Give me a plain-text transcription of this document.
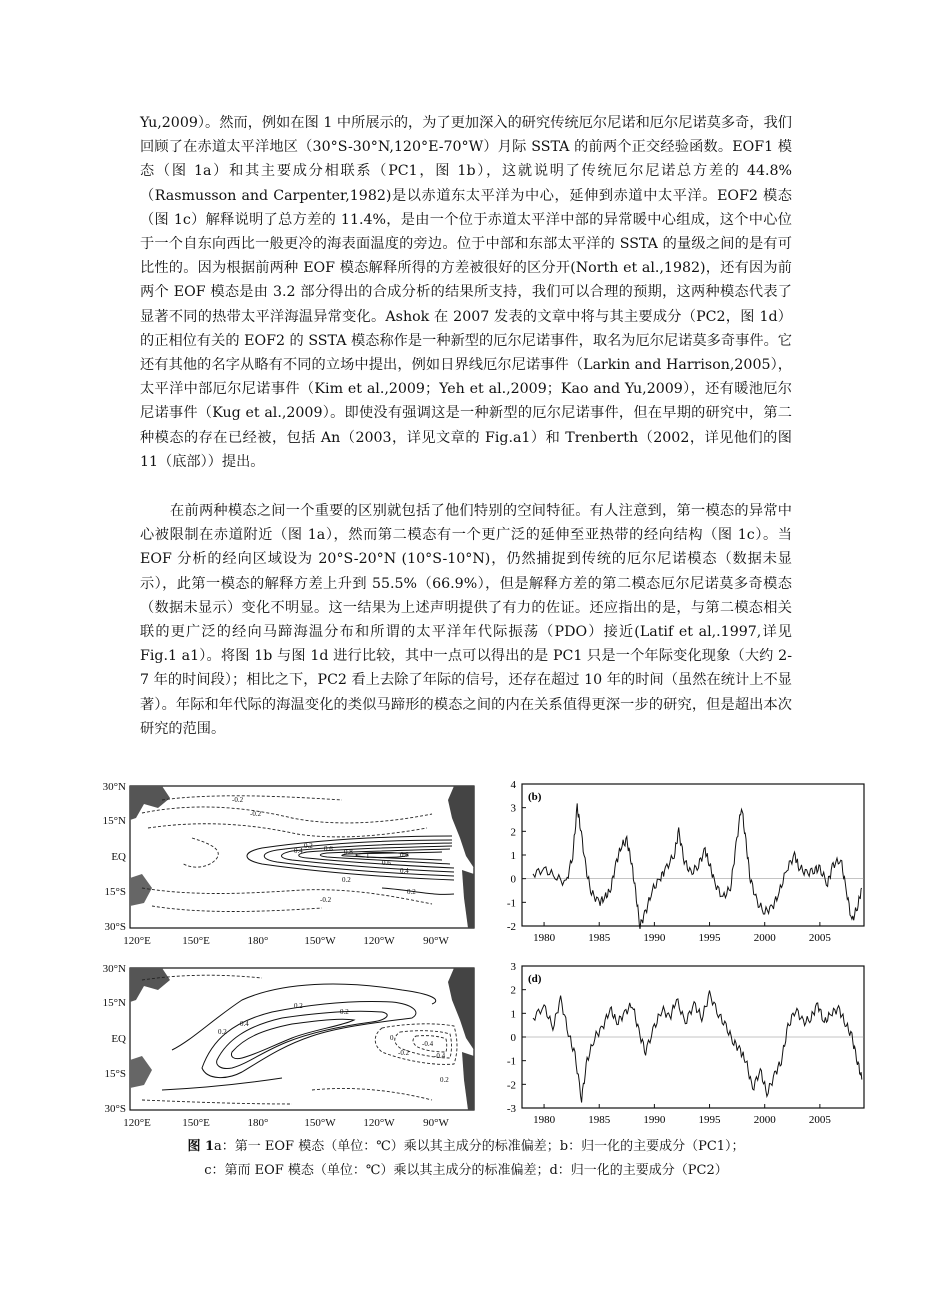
Yu,2009）。然而，例如在图 1 中所展示的，为了更加深入的研究传统厄尔尼诺和厄尔尼诺莫多奇，我们回顾了在赤道太平洋地区（30°S-30°N,120°E-70°W）月际 SSTA 的前两个正交经验函数。EOF1 模态（图 1a）和其主要成分相联系（PC1，图 1b），这就说明了传统厄尔尼诺总方差的 44.8%（Rasmusson and Carpenter,1982)是以赤道东太平洋为中心，延伸到赤道中太平洋。EOF2 模态（图 1c）解释说明了总方差的 11.4%，是由一个位于赤道太平洋中部的异常暖中心组成，这个中心位于一个自东向西比一般更冷的海表面温度的旁边。位于中部和东部太平洋的 SSTA 的量级之间的是有可比性的。因为根据前两种 EOF 模态解释所得的方差被很好的区分开(North et al.,1982)，还有因为前两个 EOF 模态是由 3.2 部分得出的合成分析的结果所支持，我们可以合理的预期，这两种模态代表了显著不同的热带太平洋海温异常变化。Ashok 在 2007 发表的文章中将与其主要成分（PC2，图 1d）的正相位有关的 EOF2 的 SSTA 模态称作是一种新型的厄尔尼诺事件，取名为厄尔尼诺莫多奇事件。它还有其他的名字从略有不同的立场中提出，例如日界线厄尔尼诺事件（Larkin and Harrison,2005），太平洋中部厄尔尼诺事件（Kim et al.,2009；Yeh et al.,2009；Kao and Yu,2009），还有暖池厄尔尼诺事件（Kug et al.,2009）。即使没有强调这是一种新型的厄尔尼诺事件，但在早期的研究中，第二种模态的存在已经被，包括 An（2003，详见文章的 Fig.a1）和 Trenberth（2002，详见他们的图 11（底部））提出。

在前两种模态之间一个重要的区别就包括了他们特别的空间特征。有人注意到，第一模态的异常中心被限制在赤道附近（图 1a），然而第二模态有一个更广泛的延伸至亚热带的经向结构（图 1c）。当 EOF 分析的经向区域设为 20°S-20°N (10°S-10°N)，仍然捕捉到传统的厄尔尼诺模态（数据未显示），此第一模态的解释方差上升到 55.5%（66.9%），但是解释方差的第二模态厄尔尼诺莫多奇模态（数据未显示）变化不明显。这一结果为上述声明提供了有力的佐证。还应指出的是，与第二模态相关联的更广泛的经向马蹄海温分布和所谓的太平洋年代际振荡（PDO）接近(Latif et al,.1997,详见 Fig.1 a1）。将图 1b 与图 1d 进行比较，其中一点可以得出的是 PC1 只是一个年际变化现象（大约 2-7 年的时间段）；相比之下，PC2 看上去除了年际的信号，还存在超过 10 年的时间（虽然在统计上不显著）。年际和年代际的海温变化的类似马蹄形的模态之间的内在关系值得更深一步的研究，但是超出本次研究的范围。

-0.2
-0.2
0.2
0.4	0.6 0.8 1	0.8
0.6
0.4
0.2
0.2
-0.2
30°N
15°N
EQ
15°S
30°S
120°E	150°E	180°	150°W	120°W	90°W
0.2
0.4
0.2
0.2
0
-0.2
-0.4
-0.4
0.2
30°N
15°N
EQ
15°S
30°S
120°E	150°E	180°	150°W	120°W	90°W
4
3
2
1
0
-1
-2
1980	1985	1990	1995	2000	2005
(b)
3
2
1
0
-1
-2
-3
1980	1985	1990	1995	2000	2005
(d)
图 1a：第一 EOF 模态（单位：℃）乘以其主成分的标准偏差；b：归一化的主要成分（PC1）；
c：第而 EOF 模态（单位：℃）乘以其主成分的标准偏差；d：归一化的主要成分（PC2）
